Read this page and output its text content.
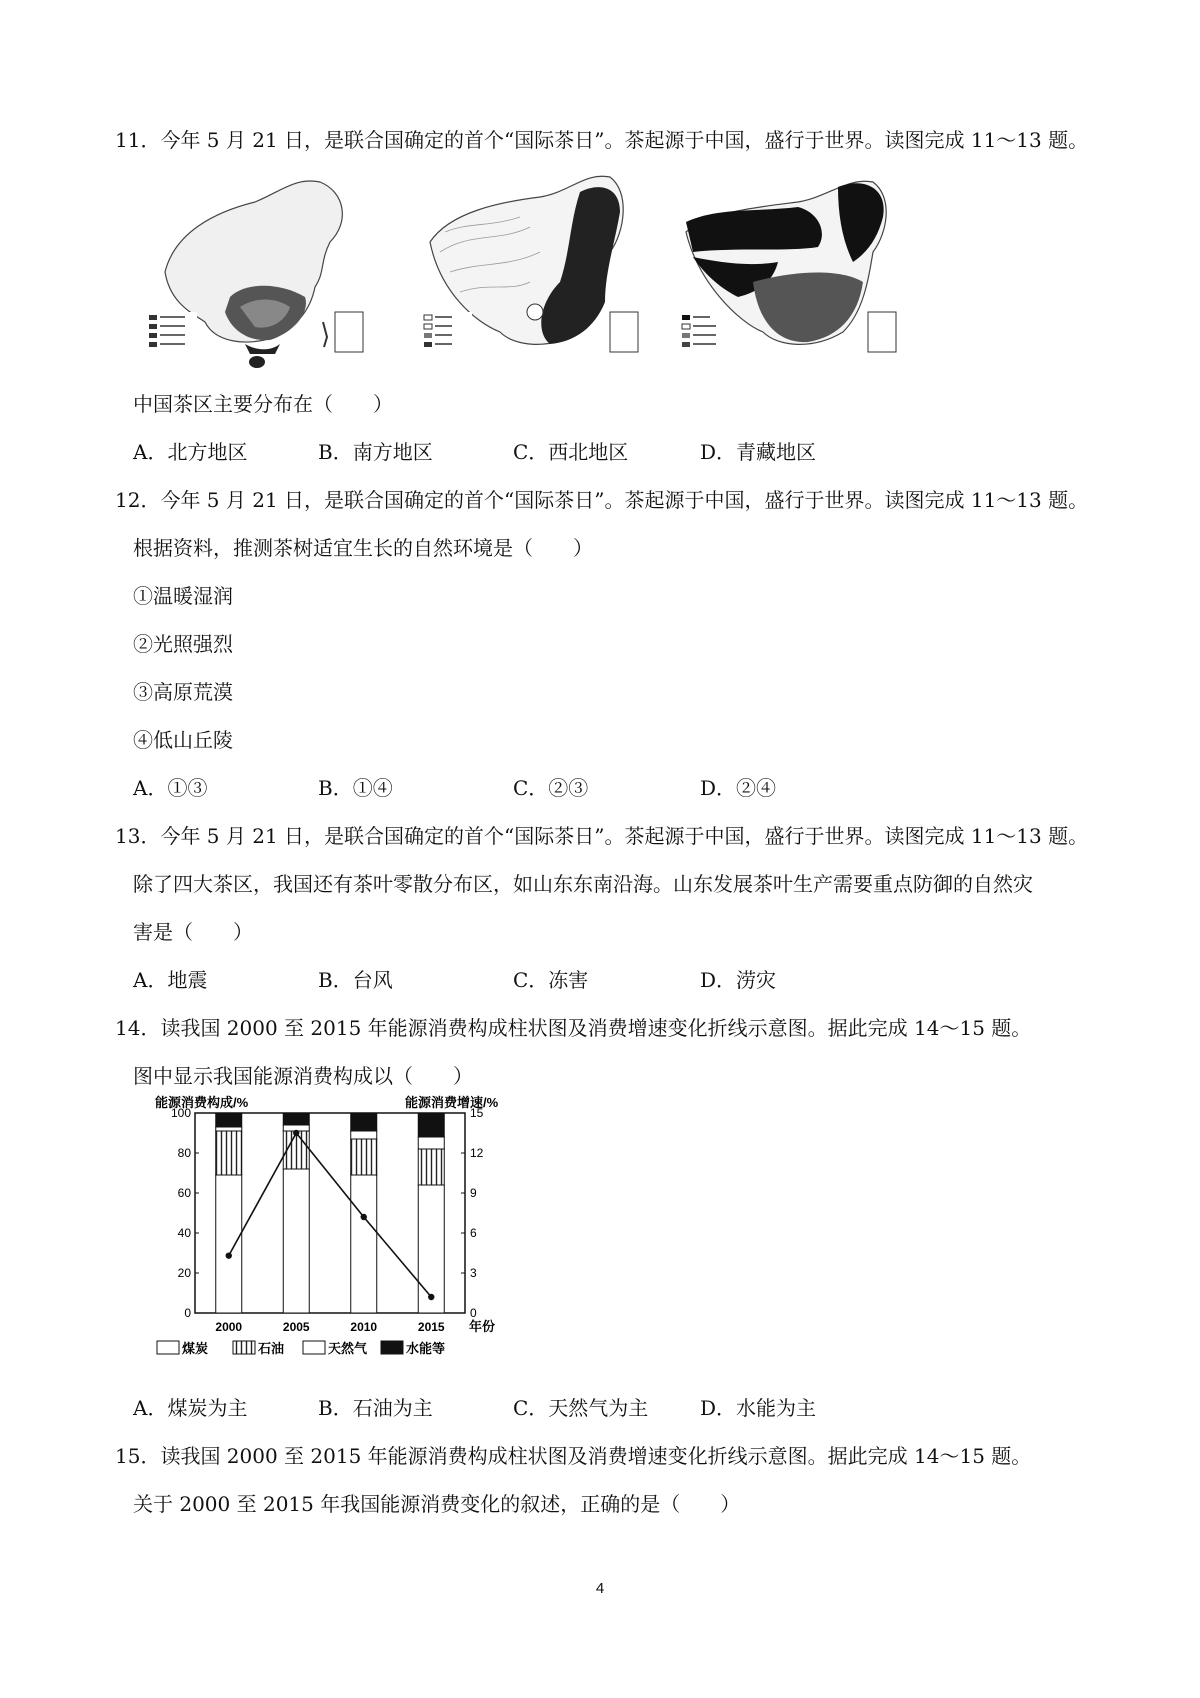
11．今年 5 月 21 日，是联合国确定的首个“国际茶日”。茶起源于中国，盛行于世界。读图完成 11～13 题。
中国茶区主要分布在（　　）
A．北方地区	B．南方地区	C．西北地区	D．青藏地区
12．今年 5 月 21 日，是联合国确定的首个“国际茶日”。茶起源于中国，盛行于世界。读图完成 11～13 题。
根据资料，推测茶树适宜生长的自然环境是（　　）
①温暖湿润
②光照强烈
③高原荒漠
④低山丘陵
A．①③	B．①④	C．②③	D．②④
13．今年 5 月 21 日，是联合国确定的首个“国际茶日”。茶起源于中国，盛行于世界。读图完成 11～13 题。
除了四大茶区，我国还有茶叶零散分布区，如山东东南沿海。山东发展茶叶生产需要重点防御的自然灾
害是（　　）
A．地震	B．台风	C．冻害	D．涝灾
14．读我国 2000 至 2015 年能源消费构成柱状图及消费增速变化折线示意图。据此完成 14～15 题。
图中显示我国能源消费构成以（　　）
能源消费构成/%	能源消费增速/%
0
20
40
60
80
100
0
3
6
9
12
15
2000	2005	2010	2015 年份
煤炭	石油	天然气	水能等
A．煤炭为主	B．石油为主	C．天然气为主	D．水能为主
15．读我国 2000 至 2015 年能源消费构成柱状图及消费增速变化折线示意图。据此完成 14～15 题。
关于 2000 至 2015 年我国能源消费变化的叙述，正确的是（　　）
4
